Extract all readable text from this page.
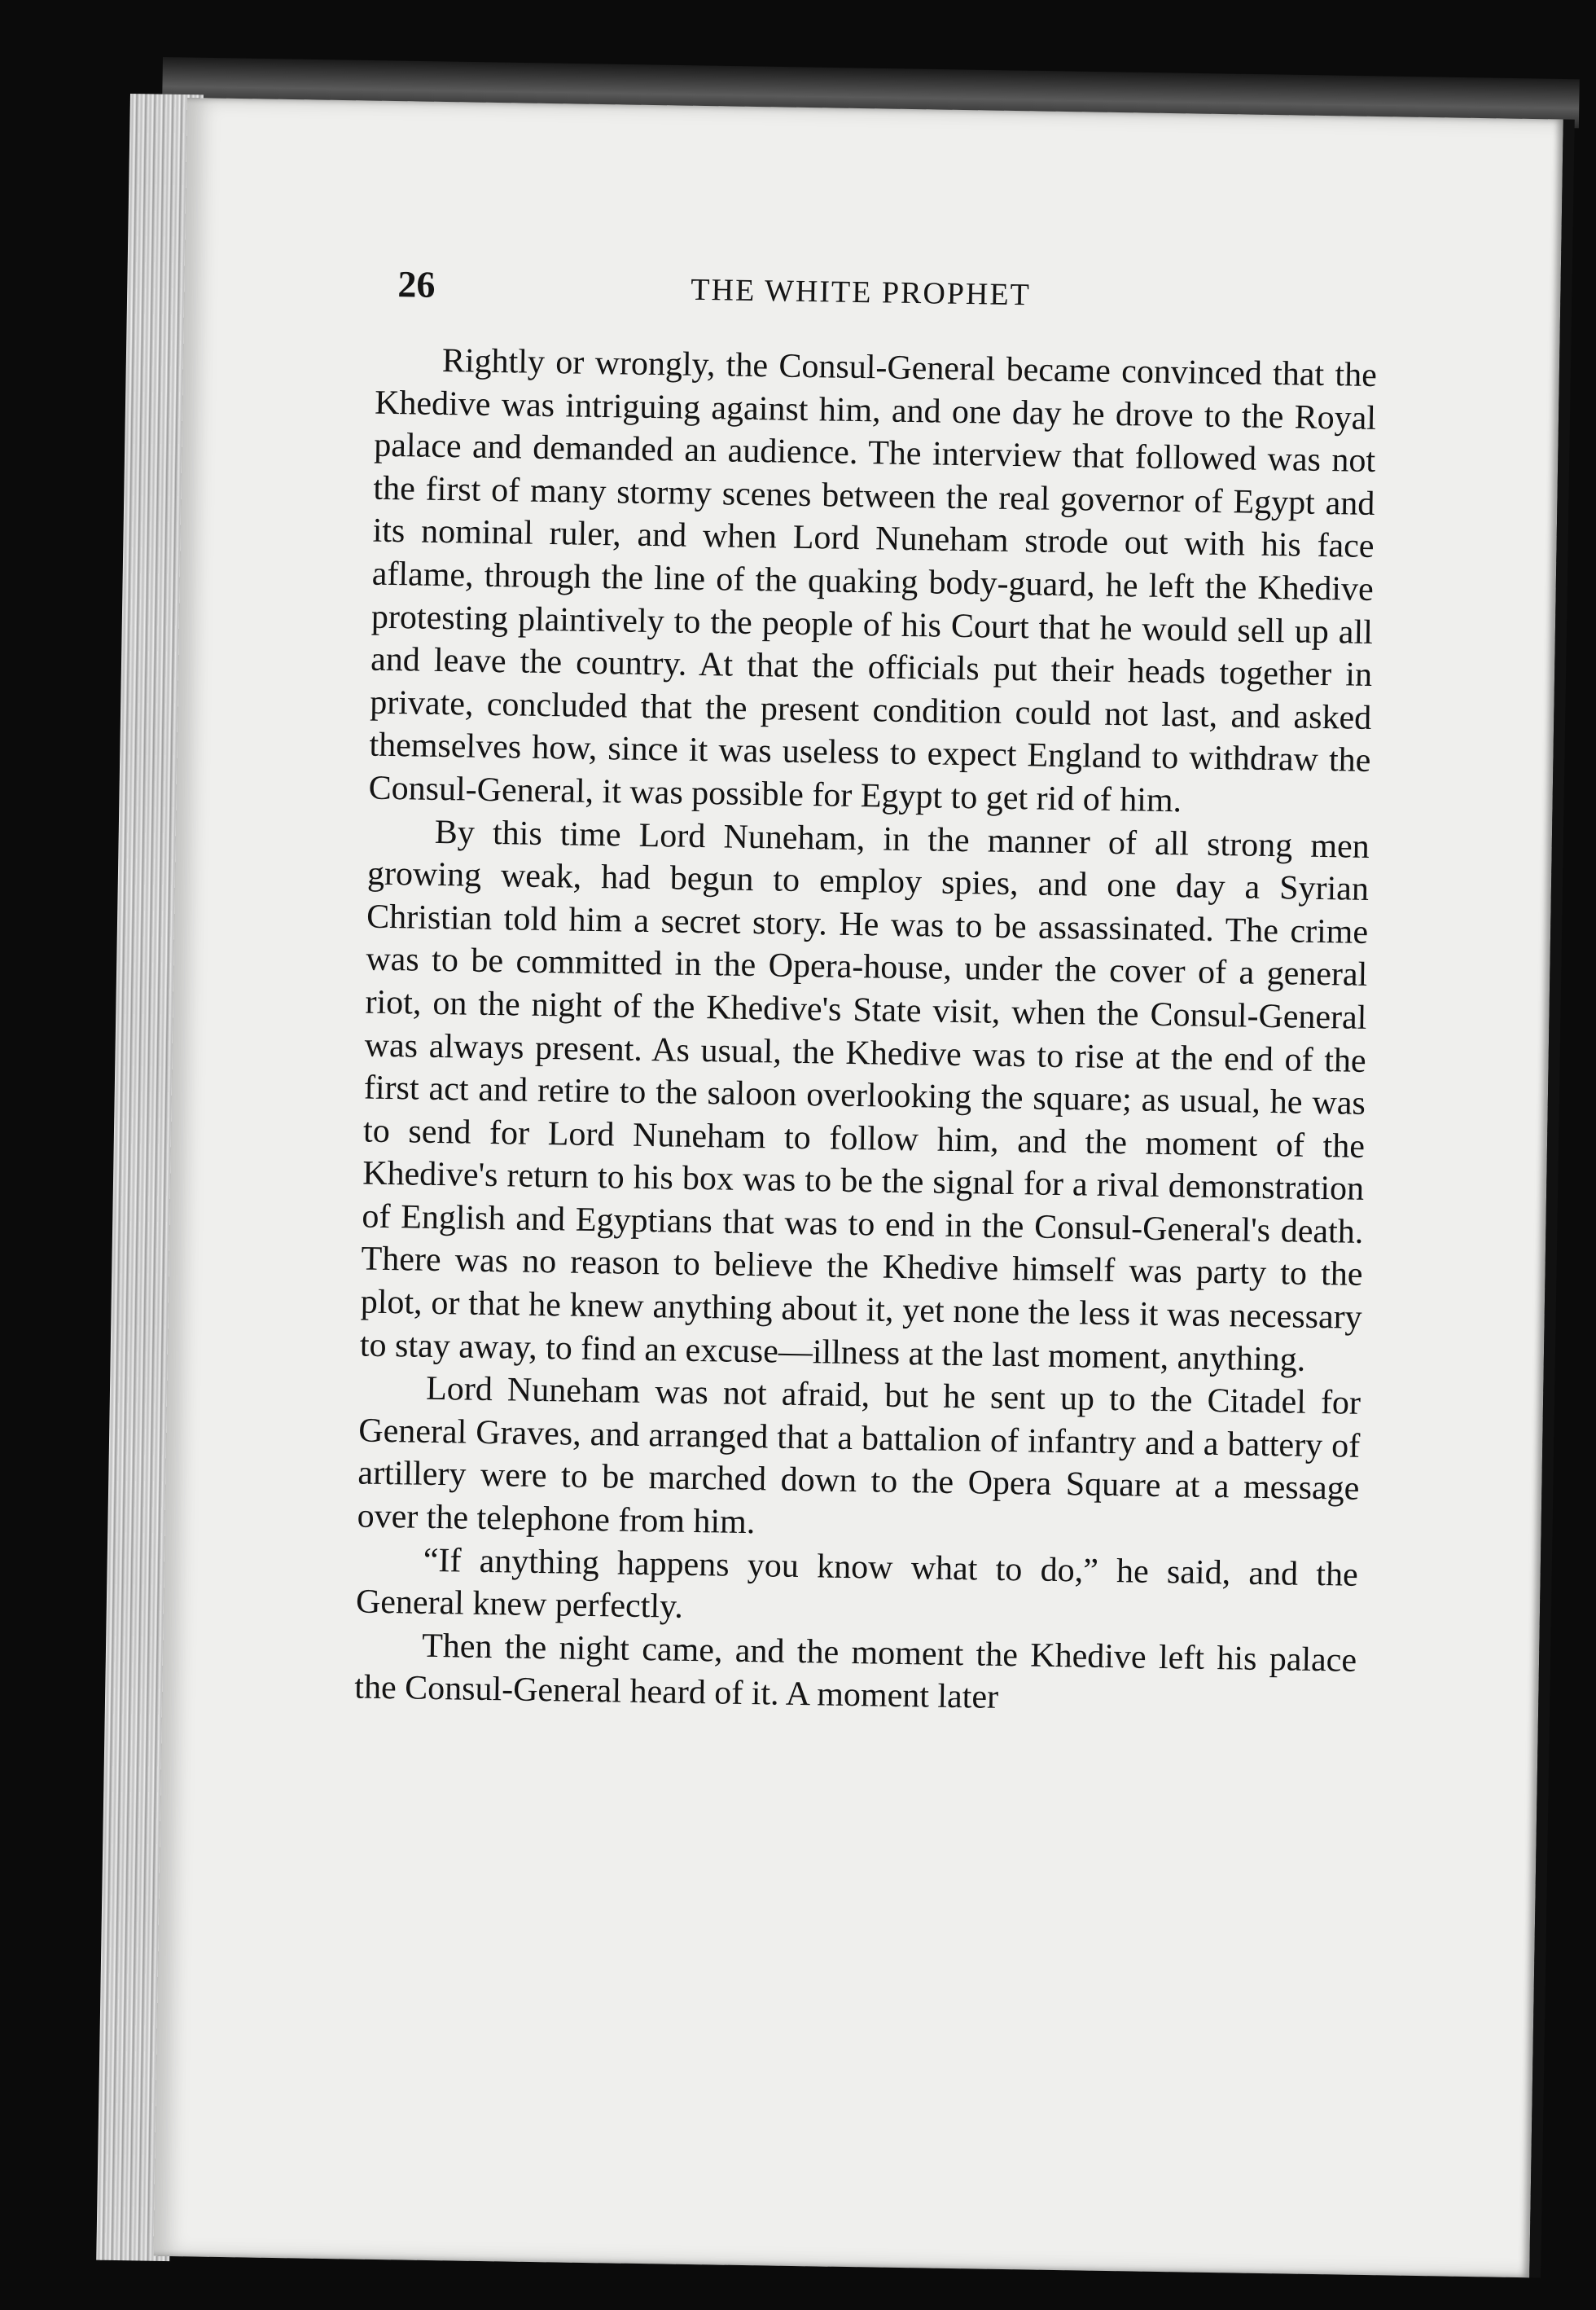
26	THE WHITE PROPHET

Rightly or wrongly, the Consul-General became convinced that the Khedive was intriguing against him, and one day he drove to the Royal palace and demanded an audience. The interview that followed was not the first of many stormy scenes between the real governor of Egypt and its nominal ruler, and when Lord Nuneham strode out with his face aflame, through the line of the quaking body-guard, he left the Khedive protesting plaintively to the people of his Court that he would sell up all and leave the country. At that the officials put their heads together in private, concluded that the present condition could not last, and asked themselves how, since it was useless to expect England to withdraw the Consul-General, it was possible for Egypt to get rid of him.

By this time Lord Nuneham, in the manner of all strong men growing weak, had begun to employ spies, and one day a Syrian Christian told him a secret story. He was to be assassinated. The crime was to be committed in the Opera-house, under the cover of a general riot, on the night of the Khedive's State visit, when the Consul-General was always present. As usual, the Khedive was to rise at the end of the first act and retire to the saloon overlooking the square; as usual, he was to send for Lord Nuneham to follow him, and the moment of the Khedive's return to his box was to be the signal for a rival demonstration of English and Egyptians that was to end in the Consul-General's death. There was no reason to believe the Khedive himself was party to the plot, or that he knew anything about it, yet none the less it was necessary to stay away, to find an excuse—illness at the last moment, anything.

Lord Nuneham was not afraid, but he sent up to the Citadel for General Graves, and arranged that a battalion of infantry and a battery of artillery were to be marched down to the Opera Square at a message over the telephone from him.

“If anything happens you know what to do,” he said, and the General knew perfectly.

Then the night came, and the moment the Khedive left his palace the Consul-General heard of it. A moment later
